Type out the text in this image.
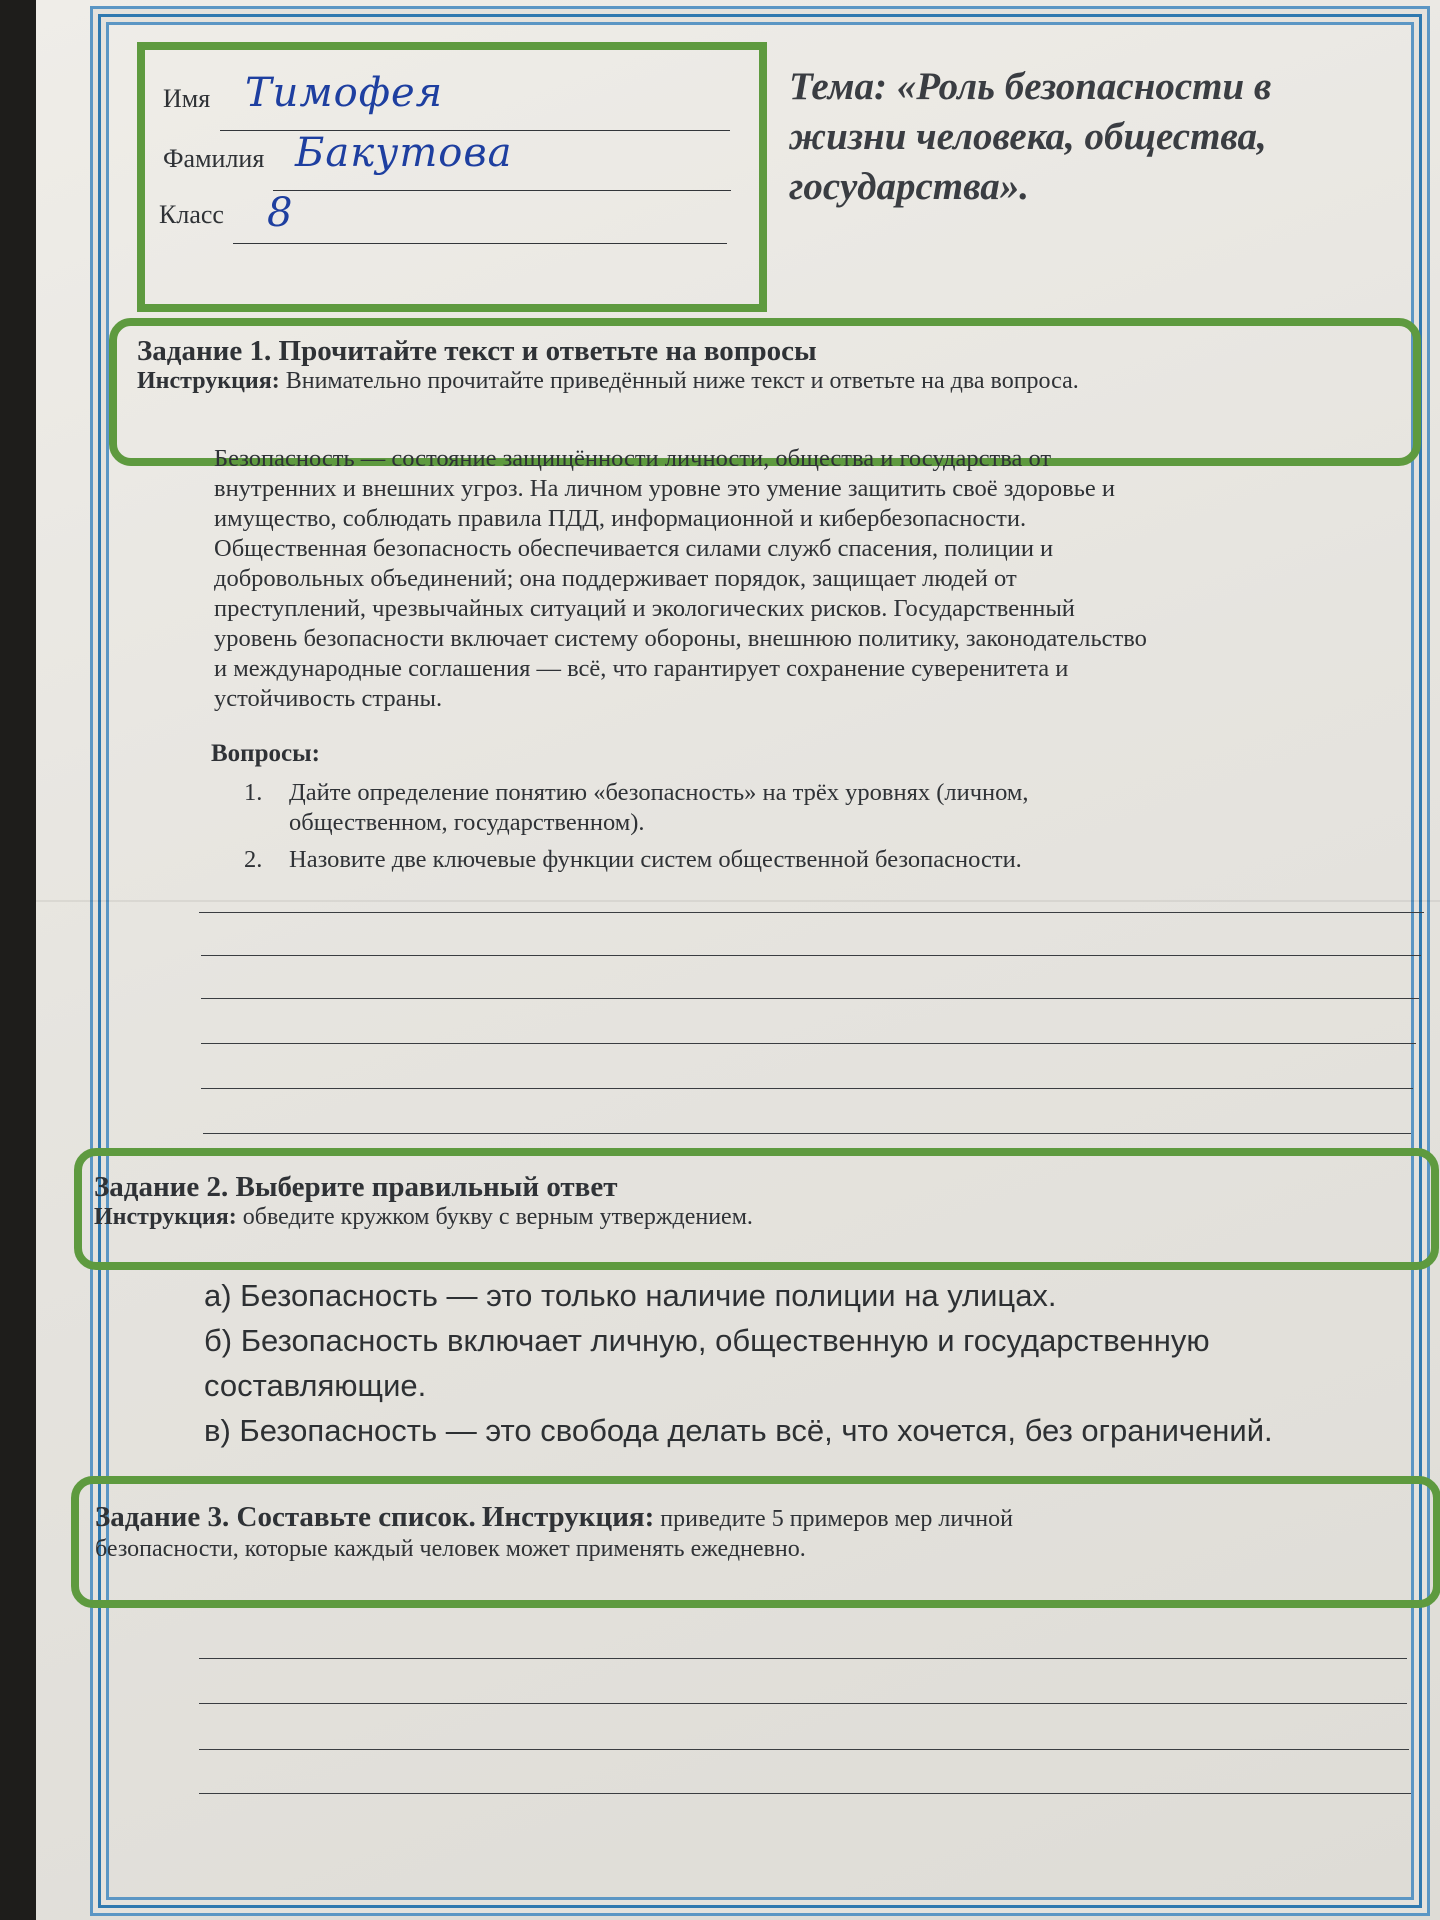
Имя Тимофея
Фамилия Бакутова
Класс 8
Тема: «Роль безопасности в жизни человека, общества, государства».
Задание 1. Прочитайте текст и ответьте на вопросы
Инструкция: Внимательно прочитайте приведённый ниже текст и ответьте на два вопроса.

Безопасность — состояние защищённости личности, общества и государства от

внутренних и внешних угроз. На личном уровне это умение защитить своё здоровье и

имущество, соблюдать правила ПДД, информационной и кибербезопасности.

Общественная безопасность обеспечивается силами служб спасения, полиции и

добровольных объединений; она поддерживает порядок, защищает людей от

преступлений, чрезвычайных ситуаций и экологических рисков. Государственный

уровень безопасности включает систему обороны, внешнюю политику, законодательство

и международные соглашения — всё, что гарантирует сохранение суверенитета и

устойчивость страны.

Вопросы:
1. Дайте определение понятию «безопасность» на трёх уровнях (личном,
общественном, государственном).
2. Назовите две ключевые функции систем общественной безопасности.
Задание 2. Выберите правильный ответ
Инструкция: обведите кружком букву с верным утверждением.
а) Безопасность — это только наличие полиции на улицах.
б) Безопасность включает личную, общественную и государственную
составляющие.
в) Безопасность — это свобода делать всё, что хочется, без ограничений.
Задание 3. Составьте список. Инструкция: приведите 5 примеров мер личной
безопасности, которые каждый человек может применять ежедневно.
